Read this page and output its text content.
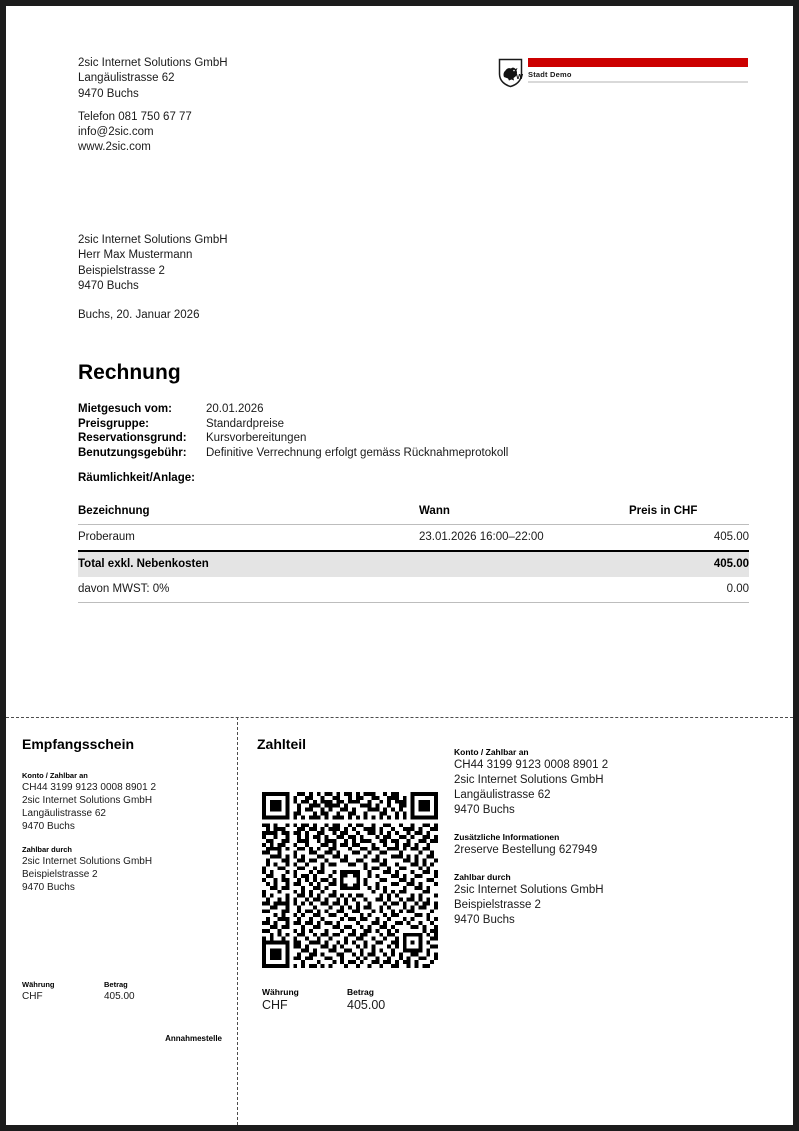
2sic Internet Solutions GmbH
Langäulistrasse 62
9470 Buchs
Telefon 081 750 67 77
info@2sic.com
www.2sic.com
W Stadt Demo
2sic Internet Solutions GmbH
Herr Max Mustermann
Beispielstrasse 2
9470 Buchs
Buchs, 20. Januar 2026
Rechnung
Mietgesuch vom:	20.01.2026
Preisgruppe:	Standardpreise
Reservationsgrund:	Kursvorbereitungen
Benutzungsgebühr:	Definitive Verrechnung erfolgt gemäss Rücknahmeprotokoll
Räumlichkeit/Anlage:
Bezeichnung	Wann	Preis in CHF
Proberaum	23.01.2026 16:00–22:00	405.00
Total exkl. Nebenkosten		405.00
davon MWST: 0%		0.00
Empfangsschein
Konto / Zahlbar an
CH44 3199 9123 0008 8901 2
2sic Internet Solutions GmbH
Langäulistrasse 62
9470 Buchs
Zahlbar durch
2sic Internet Solutions GmbH
Beispielstrasse 2
9470 Buchs
Währung	Betrag
CHF	405.00
Annahmestelle
Zahlteil
Währung	Betrag
CHF	405.00
Konto / Zahlbar an
CH44 3199 9123 0008 8901 2
2sic Internet Solutions GmbH
Langäulistrasse 62
9470 Buchs
Zusätzliche Informationen
2reserve Bestellung 627949
Zahlbar durch
2sic Internet Solutions GmbH
Beispielstrasse 2
9470 Buchs
